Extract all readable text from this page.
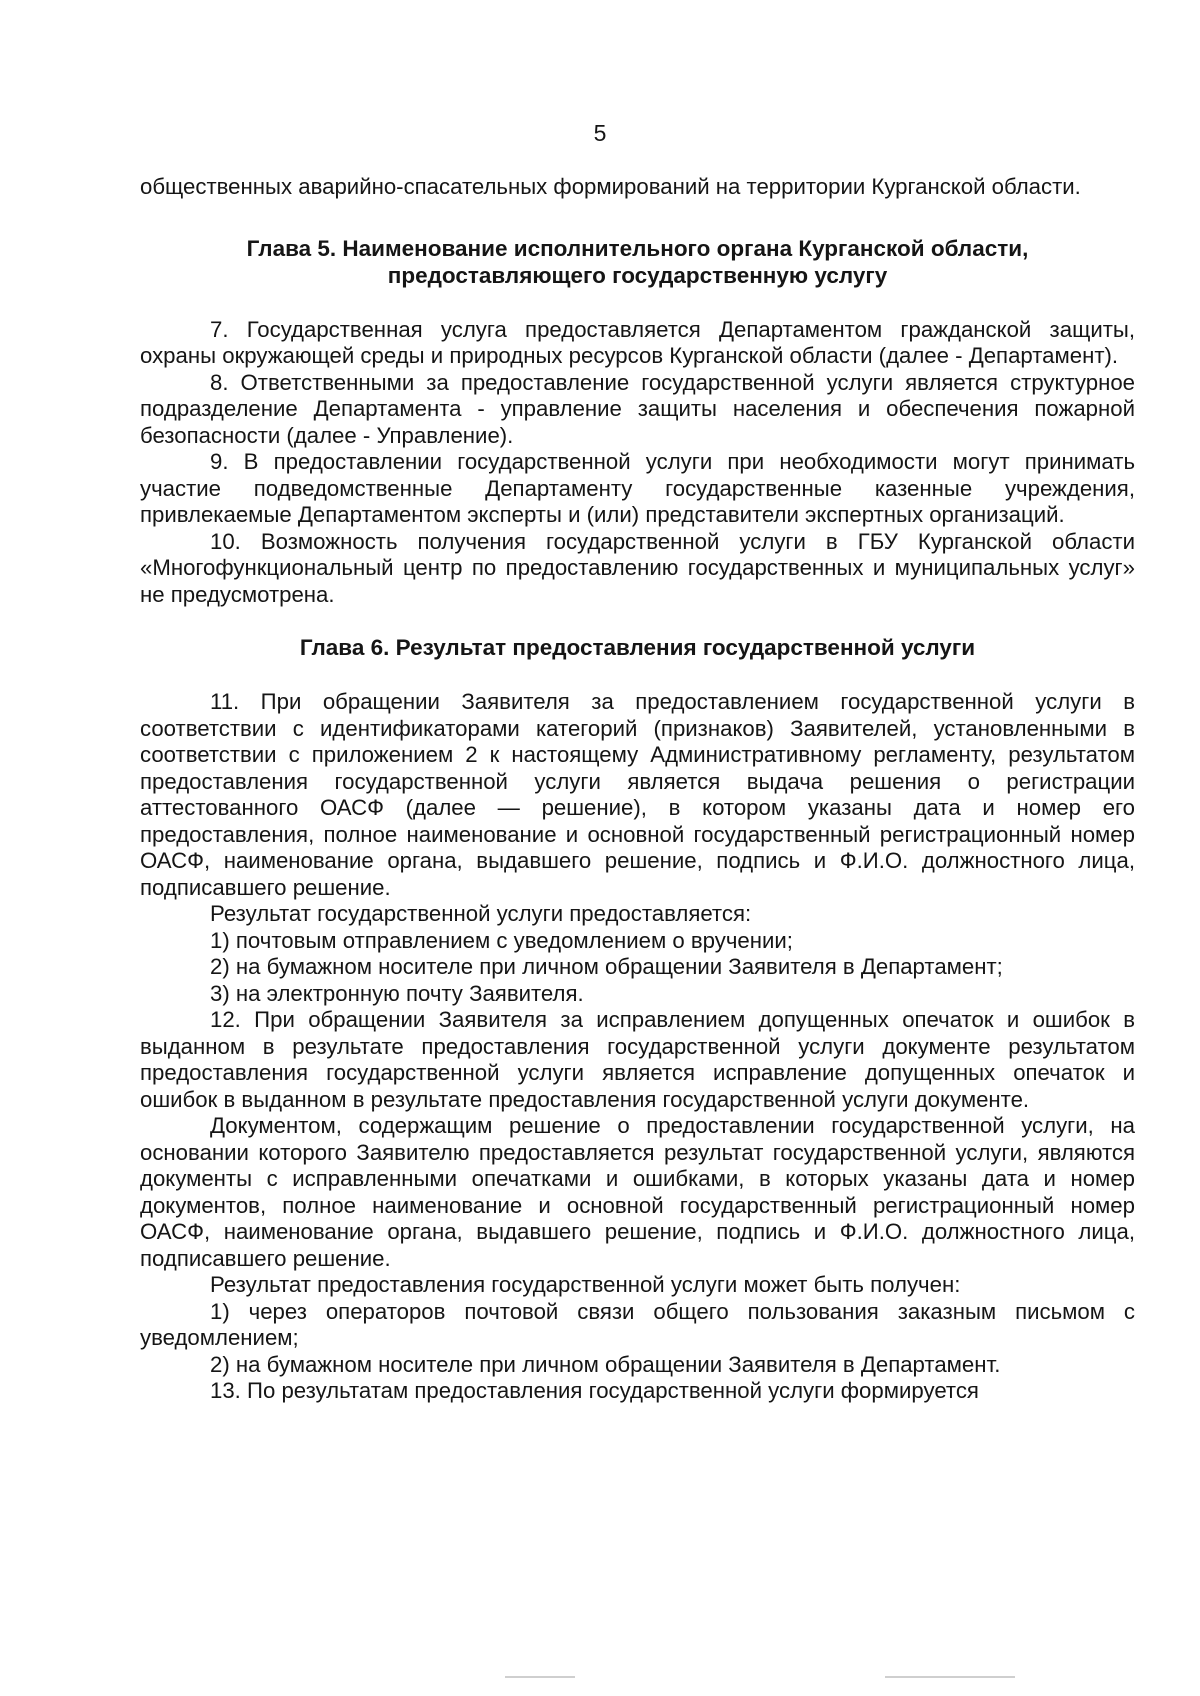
5

общественных аварийно-спасательных формирований на территории Курганской области.

Глава 5. Наименование исполнительного органа Курганской области,
предоставляющего государственную услугу

7. Государственная услуга предоставляется Департаментом гражданской защиты, охраны окружающей среды и природных ресурсов Курганской области (далее - Департамент).

8. Ответственными за предоставление государственной услуги является структурное подразделение Департамента - управление защиты населения и обеспечения пожарной безопасности (далее - Управление).

9. В предоставлении государственной услуги при необходимости могут принимать участие подведомственные Департаменту государственные казенные учреждения, привлекаемые Департаментом эксперты и (или) представители экспертных организаций.

10. Возможность получения государственной услуги в ГБУ Курганской области «Многофункциональный центр по предоставлению государственных и муниципальных услуг» не предусмотрена.

Глава 6. Результат предоставления государственной услуги

11. При обращении Заявителя за предоставлением государственной услуги в соответствии с идентификаторами категорий (признаков) Заявителей, установленными в соответствии с приложением 2 к настоящему Административному регламенту, результатом предоставления государственной услуги является выдача решения о регистрации аттестованного ОАСФ (далее — решение), в котором указаны дата и номер его предоставления, полное наименование и основной государственный регистрационный номер ОАСФ, наименование органа, выдавшего решение, подпись и Ф.И.О. должностного лица, подписавшего решение.

Результат государственной услуги предоставляется:

1) почтовым отправлением с уведомлением о вручении;

2) на бумажном носителе при личном обращении Заявителя в Департамент;

3) на электронную почту Заявителя.

12. При обращении Заявителя за исправлением допущенных опечаток и ошибок в выданном в результате предоставления государственной услуги документе результатом предоставления государственной услуги является исправление допущенных опечаток и ошибок в выданном в результате предоставления государственной услуги документе.

Документом, содержащим решение о предоставлении государственной услуги, на основании которого Заявителю предоставляется результат государственной услуги, являются документы с исправленными опечатками и ошибками, в которых указаны дата и номер документов, полное наименование и основной государственный регистрационный номер ОАСФ, наименование органа, выдавшего решение, подпись и Ф.И.О. должностного лица, подписавшего решение.

Результат предоставления государственной услуги может быть получен:

1) через операторов почтовой связи общего пользования заказным письмом с уведомлением;

2) на бумажном носителе при личном обращении Заявителя в Департамент.

13. По результатам предоставления государственной услуги формируется
